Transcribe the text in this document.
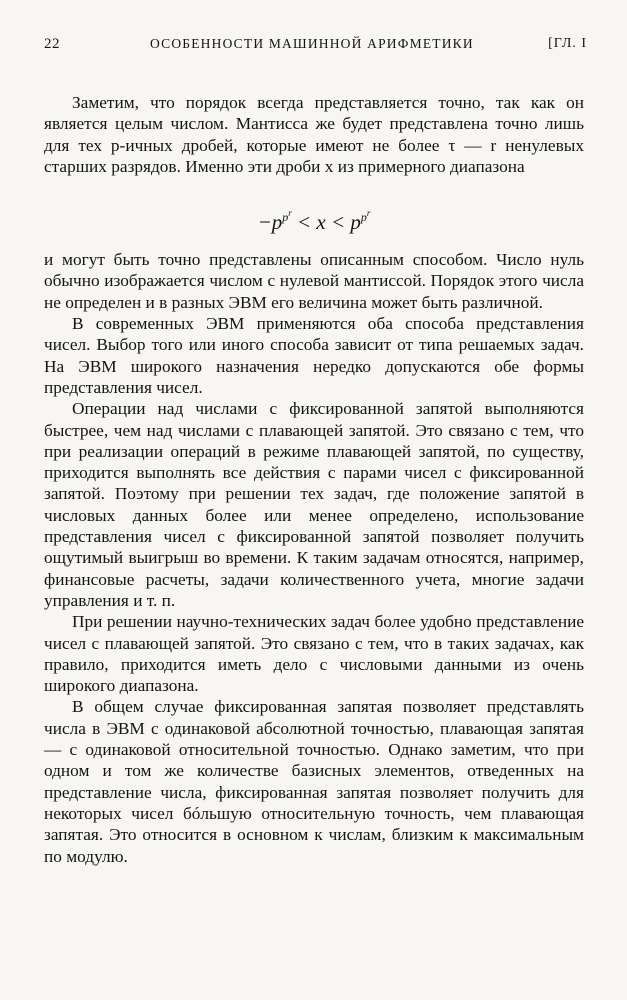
22	ОСОБЕННОСТИ МАШИННОЙ АРИФМЕТИКИ	[ГЛ. I

Заметим, что порядок всегда представляется точно, так как он является целым числом. Мантисса же будет представлена точно лишь для тех p-ичных дробей, которые имеют не более τ — r ненулевых старших разрядов. Именно эти дроби x из примерного диапазона

$-p^{p^r} < x < p^{p^r}$

и могут быть точно представлены описанным способом. Число нуль обычно изображается числом с нулевой мантиссой. Порядок этого числа не определен и в разных ЭВМ его величина может быть различной.

В современных ЭВМ применяются оба способа представления чисел. Выбор того или иного способа зависит от типа решаемых задач. На ЭВМ широкого назначения нередко допускаются обе формы представления чисел.

Операции над числами с фиксированной запятой выполняются быстрее, чем над числами с плавающей запятой. Это связано с тем, что при реализации операций в режиме плавающей запятой, по существу, приходится выполнять все действия с парами чисел с фиксированной запятой. Поэтому при решении тех задач, где положение запятой в числовых данных более или менее определено, использование представления чисел с фиксированной запятой позволяет получить ощутимый выигрыш во времени. К таким задачам относятся, например, финансовые расчеты, задачи количественного учета, многие задачи управления и т. п.

При решении научно-технических задач более удобно представление чисел с плавающей запятой. Это связано с тем, что в таких задачах, как правило, приходится иметь дело с числовыми данными из очень широкого диапазона.

В общем случае фиксированная запятая позволяет представлять числа в ЭВМ с одинаковой абсолютной точностью, плавающая запятая — с одинаковой относительной точностью. Однако заметим, что при одном и том же количестве базисных элементов, отведенных на представление числа, фиксированная запятая позволяет получить для некоторых чисел бóльшую относительную точность, чем плавающая запятая. Это относится в основном к числам, близким к максимальным по модулю.
